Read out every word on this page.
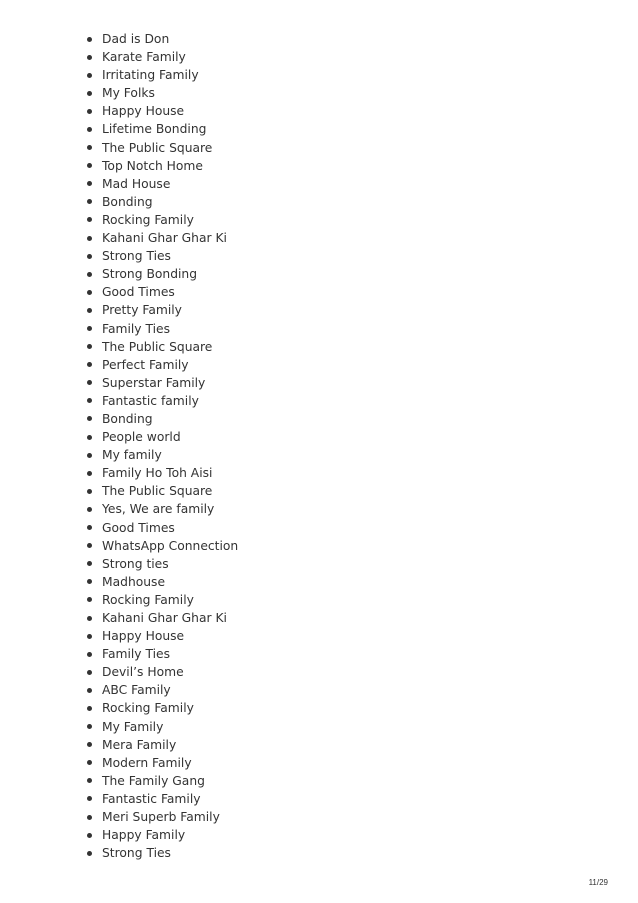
Dad is Don
Karate Family
Irritating Family
My Folks
Happy House
Lifetime Bonding
The Public Square
Top Notch Home
Mad House
Bonding
Rocking Family
Kahani Ghar Ghar Ki
Strong Ties
Strong Bonding
Good Times
Pretty Family
Family Ties
The Public Square
Perfect Family
Superstar Family
Fantastic family
Bonding
People world
My family
Family Ho Toh Aisi
The Public Square
Yes, We are family
Good Times
WhatsApp Connection
Strong ties
Madhouse
Rocking Family
Kahani Ghar Ghar Ki
Happy House
Family Ties
Devil’s Home
ABC Family
Rocking Family
My Family
Mera Family
Modern Family
The Family Gang
Fantastic Family
Meri Superb Family
Happy Family
Strong Ties
11/29
